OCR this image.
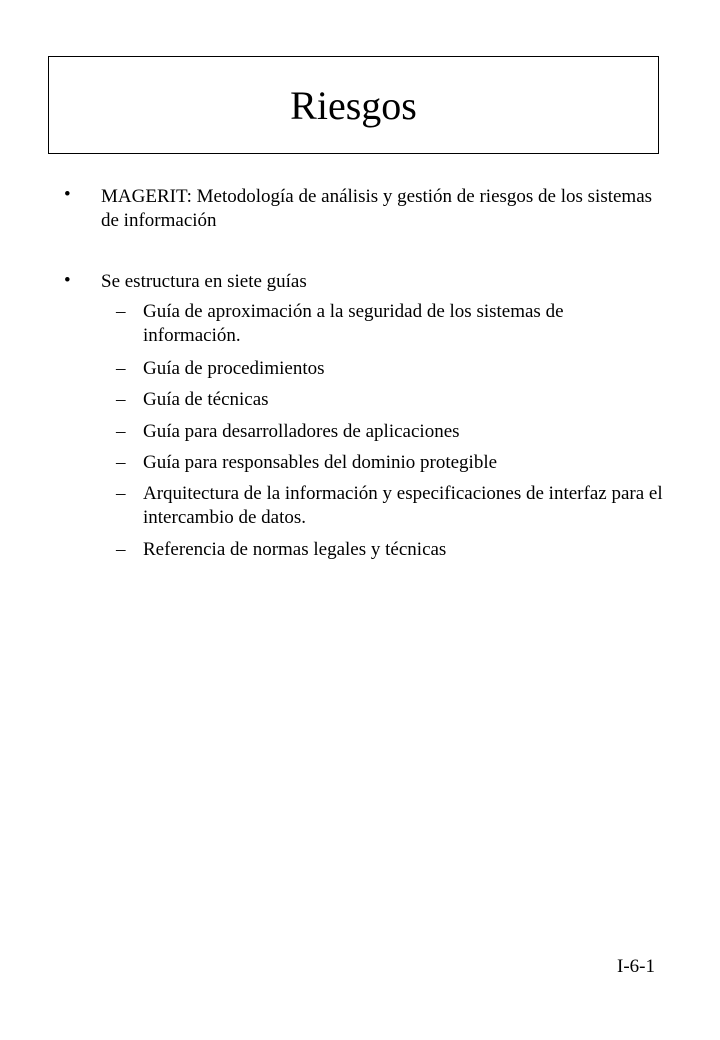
Riesgos
• MAGERIT: Metodología de análisis y gestión de riesgos de los sistemas de información
• Se estructura en siete guías
– Guía de aproximación a la seguridad de los sistemas de información.
– Guía de procedimientos
– Guía de técnicas
– Guía para desarrolladores de aplicaciones
– Guía para responsables del dominio protegible
– Arquitectura de la información y especificaciones de interfaz para el intercambio de datos.
– Referencia de normas legales y técnicas
I-6-1
